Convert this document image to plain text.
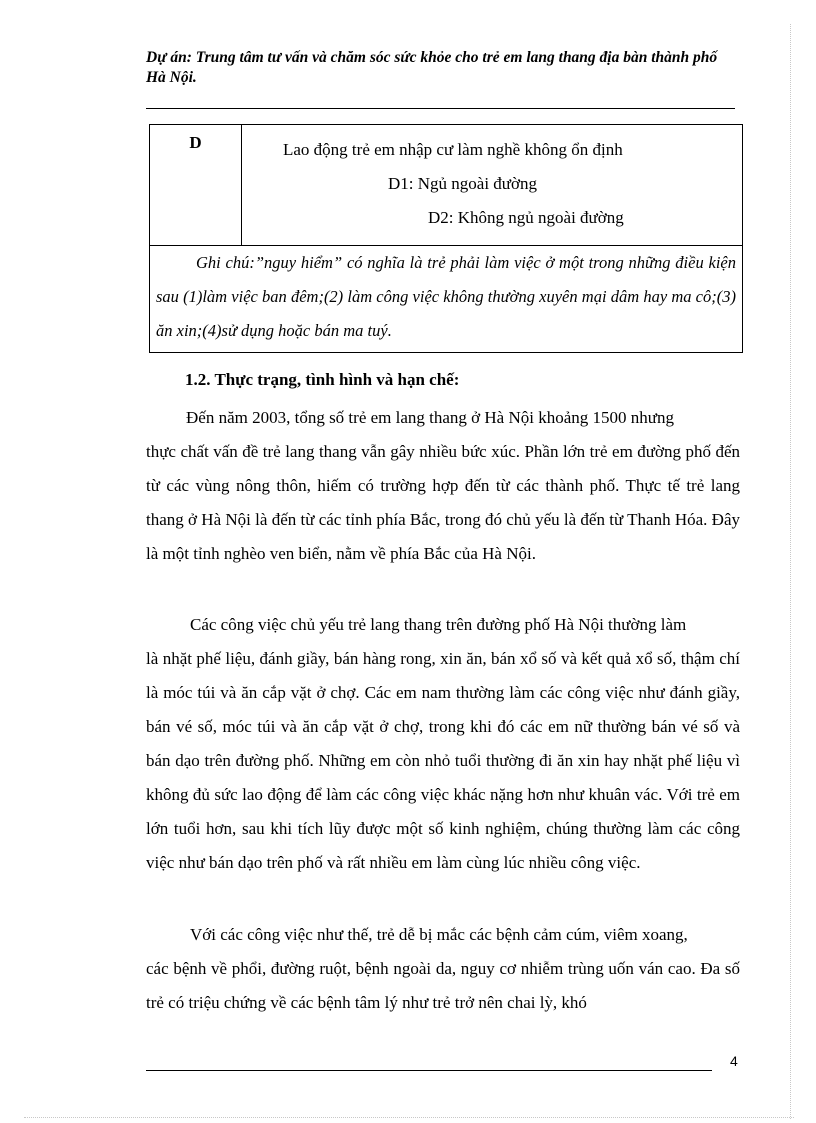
Dự án: Trung tâm tư vấn và chăm sóc sức khỏe cho trẻ em lang thang địa bàn thành phố
Hà Nội.
D	Lao động trẻ em nhập cư làm nghề không ổn định
D1: Ngủ ngoài đường
D2: Không ngủ ngoài đường

Ghi chú:”nguy hiểm” có nghĩa là trẻ phải làm việc ở một trong những điều kiện sau (1)làm việc ban đêm;(2) làm công việc không thường xuyên mại dâm hay ma cô;(3) ăn xin;(4)sử dụng hoặc bán ma tuý.
1.2. Thực trạng, tình hình và hạn chế:
Đến năm 2003, tổng số trẻ em lang thang ở Hà Nội khoảng 1500 nhưng
thực chất vấn đề trẻ lang thang vẫn gây nhiều bức xúc. Phần lớn trẻ em đường phố đến từ các vùng nông thôn, hiếm có trường hợp đến từ các thành phố. Thực tế trẻ lang thang ở Hà Nội là đến từ các tỉnh phía Bắc, trong đó chủ yếu là đến từ Thanh Hóa. Đây là một tỉnh nghèo ven biển, nằm về phía Bắc của Hà Nội.
Các công việc chủ yếu trẻ lang thang trên đường phố Hà Nội thường làm
là nhặt phế liệu, đánh giầy, bán hàng rong, xin ăn, bán xổ số và kết quả xổ số, thậm chí là móc túi và ăn cắp vặt ở chợ. Các em nam thường làm các công việc như đánh giầy, bán vé số, móc túi và ăn cắp vặt ở chợ, trong khi đó các em nữ thường bán vé số và bán dạo trên đường phố. Những em còn nhỏ tuổi thường đi ăn xin hay nhặt phế liệu vì không đủ sức lao động để làm các công việc khác nặng hơn như khuân vác. Với trẻ em lớn tuổi hơn, sau khi tích lũy được một số kinh nghiệm, chúng thường làm các công việc như bán dạo trên phố và rất nhiều em làm cùng lúc nhiều công việc.
Với các công việc như thế, trẻ dễ bị mắc các bệnh cảm cúm, viêm xoang,
các bệnh về phổi, đường ruột, bệnh ngoài da, nguy cơ nhiễm trùng uốn ván cao. Đa số trẻ có triệu chứng về các bệnh tâm lý như trẻ trở nên chai lỳ, khó
4
